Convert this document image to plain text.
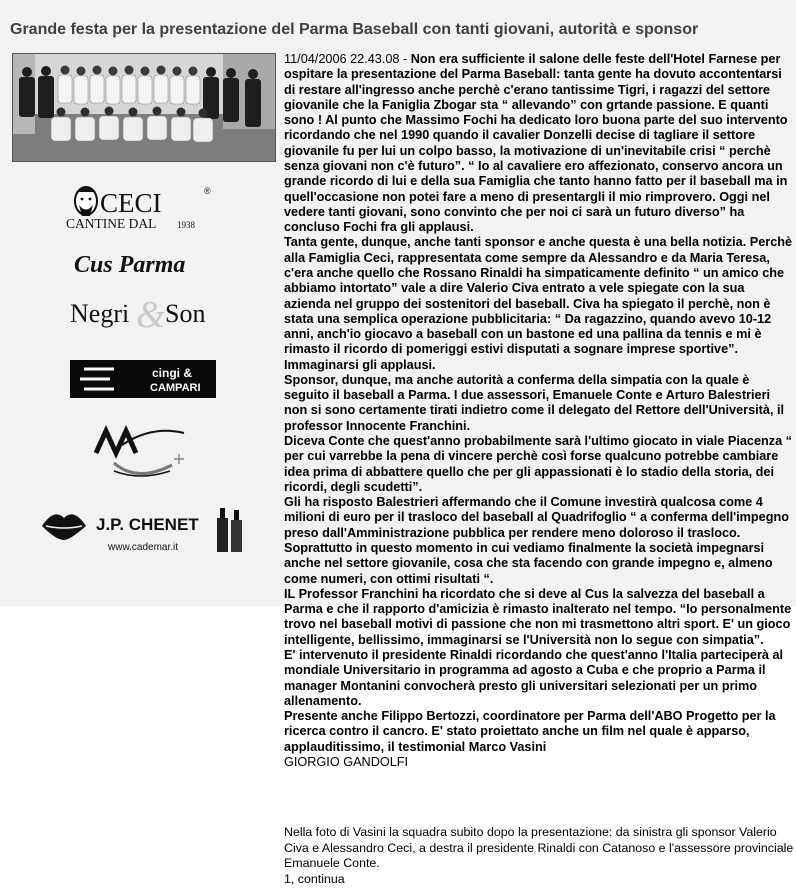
Grande festa per la presentazione del Parma Baseball con tanti giovani, autorità e sponsor
CECI	®
CANTINE DAL 1938
Cus Parma
&
Negri Son
cingi &
CAMPARI
J.P. CHENET
www.cademar.it

11/04/2006 22.43.08 - Non era sufficiente il salone delle feste dell'Hotel Farnese per ospitare la presentazione del Parma Baseball: tanta gente ha dovuto accontentarsi di restare all'ingresso anche perchè c'erano tantissime Tigri, i ragazzi del settore giovanile che la Faniglia Zbogar sta “ allevando” con grtande passione. E quanti sono ! Al punto che Massimo Fochi ha dedicato loro buona parte del suo intervento ricordando che nel 1990 quando il cavalier Donzelli decise di tagliare il settore giovanile fu per lui un colpo basso, la motivazione di un'inevitabile crisi “ perchè senza giovani non c'è futuro”. “ Io al cavaliere ero affezionato, conservo ancora un grande ricordo di lui e della sua Famiglia che tanto hanno fatto per il baseball ma in quell'occasione non potei fare a meno di presentargli il mio rimprovero. Oggi nel vedere tanti giovani, sono convinto che per noi ci sarà un futuro diverso” ha concluso Fochi fra gli applausi.

Tanta gente, dunque, anche tanti sponsor e anche questa è una bella notizia. Perchè alla Famiglia Ceci, rappresentata come sempre da Alessandro e da Maria Teresa, c'era anche quello che Rossano Rinaldi ha simpaticamente definito “ un amico che abbiamo intortato” vale a dire Valerio Civa entrato a vele spiegate con la sua azienda nel gruppo dei sostenitori del baseball. Civa ha spiegato il perchè, non è stata una semplica operazione pubblicitaria: “ Da ragazzino, quando avevo 10-12 anni, anch'io giocavo a baseball con un bastone ed una pallina da tennis e mi è rimasto il ricordo di pomeriggi estivi disputati a sognare imprese sportive”. Immaginarsi gli applausi.

Sponsor, dunque, ma anche autorità a conferma della simpatia con la quale è seguito il baseball a Parma. I due assessori, Emanuele Conte e Arturo Balestrieri non si sono certamente tirati indietro come il delegato del Rettore dell'Università, il professor Innocente Franchini.

Diceva Conte che quest'anno probabilmente sarà l'ultimo giocato in viale Piacenza “ per cui varrebbe la pena di vincere perchè così forse qualcuno potrebbe cambiare idea prima di abbattere quello che per gli appassionati è lo stadio della storia, dei ricordi, degli scudetti”.

Gli ha risposto Balestrieri affermando che il Comune investirà qualcosa come 4 milioni di euro per il trasloco del baseball al Quadrifoglio “ a conferma dell'impegno preso dall'Amministrazione pubblica per rendere meno doloroso il trasloco. Soprattutto in questo momento in cui vediamo finalmente la società impegnarsi anche nel settore giovanile, cosa che sta facendo con grande impegno e, almeno come numeri, con ottimi risultati “.

IL Professor Franchini ha ricordato che si deve al Cus la salvezza del baseball a Parma e che il rapporto d'amicizia è rimasto inalterato nel tempo. “Io personalmente trovo nel baseball motivi di passione che non mi trasmettono altri sport. E' un gioco intelligente, bellissimo, immaginarsi se l'Università non lo segue con simpatia”.

E' intervenuto il presidente Rinaldi ricordando che quest'anno l'Italia parteciperà al mondiale Universitario in programma ad agosto a Cuba e che proprio a Parma il manager Montanini convocherà presto gli universitari selezionati per un primo allenamento.

Presente anche Filippo Bertozzi, coordinatore per Parma dell'ABO Progetto per la ricerca contro il cancro. E' stato proiettato anche un film nel quale è apparso, applauditissimo, il testimonial Marco Vasini

GIORGIO GANDOLFI

Nella foto di Vasini la squadra subito dopo la presentazione: da sinistra gli sponsor Valerio Civa e Alessandro Ceci, a destra il presidente Rinaldi con Catanoso e l'assessore provinciale Emanuele Conte.

1, continua
